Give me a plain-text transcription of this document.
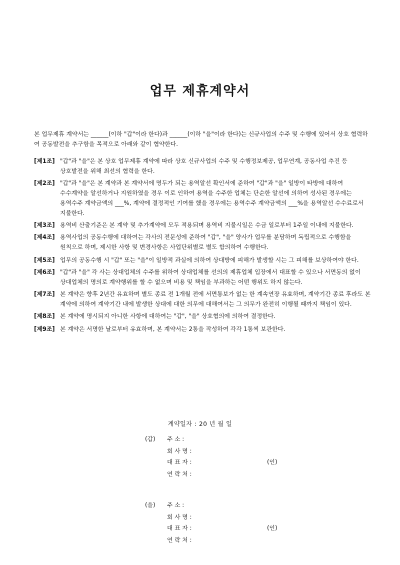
업무 제휴계약서
본 업무제휴 계약서는 ______(이하 "갑"이라 한다)과 ______(이하 "을"이라 한다)는 신규사업의 수주 및 수행에 있어서 상호 협력하여 공동발전을 추구함을 목적으로 아래와 같이 협약한다.
[제1조] "갑"과 "을"은 본 상호 업무제휴 계약에 따라 상호 신규사업의 수주 및 수행정보제공, 업무연계, 공동사업 추진 등 상호발전을 위해 최선의 협력을 한다.
[제2조] "갑"과 "을"은 본 계약과 본 계약서에 명두가 되는 용역알선 확인서에 준하여 "갑"과 "을" 일방이 타방에 대하여 수수계약을 알선하거나 지원하였을 경우 이로 인하여 용역을 수주한 업체는 단순한 알선에 의하여 성사된 경우에는 용역수주 계약금액의 ___%, 계약에 결정적인 기여를 했을 경우에는 용역수주 계약금액의 ___%을 용역알선 수수료로서 지불한다.
[제3조] 용역비 산출기준은 본 계약 및 추가계약에 모두 적용되며 용역비 지불시일은 수금 일로부터 1주일 이내에 지불한다.
[제4조] 용역사업의 공동수행에 대하여는 각사의 전문성에 준하여 "갑", "을" 양사가 업무를 분담하며 독립적으로 수행함을 원칙으로 하며, 제시한 사항 및 변경사항은 사업단위별로 별도 합의하여 수행한다.
[제5조] 업무의 공동수행 시 "갑" 또는 "을"이 일방적 과실에 의하여 상대방에 피해가 발생할 시는 그 피해를 보상하여야 한다.
[제6조] "갑"과 "을" 각 사는 상대업체의 수주를 위하여 상대업체를 선의의 제휴업체 입장에서 대표할 수 있으나 서면동의 없이 상대업체의 명의로 계약행위를 할 수 없으며 비용 및 책임을 부과하는 어떤 행위도 하지 않는다.
[제7조] 본 계약은 향후 2년간 유효하며 별도 종료 전 1개월 전에 서면통보가 없는 한 계속연장 유효하며, 계약기간 종료 후라도 본 계약에 의하여 계약기간 내에 발생한 상대에 대한 의무에 대해여서는 그 의무가 완전히 이행될 때까지 책임이 있다.
[제8조] 본 계약에 명시되지 아니한 사항에 대하여는 "갑", "을" 상호협의에 의하여 결정한다.
[제9조] 본 계약은 서명한 날로부터 유효하며, 본 계약서는 2통을 작성하여 각각 1통씩 보관한다.
계약일자 : 20 년 월 일
(갑)	주 소 :
회 사 명 :
대 표 자 :	(인)
연 락 처 :
(을)	주 소 :
회 사 명 :
대 표 자 :	(인)
연 락 처 :
